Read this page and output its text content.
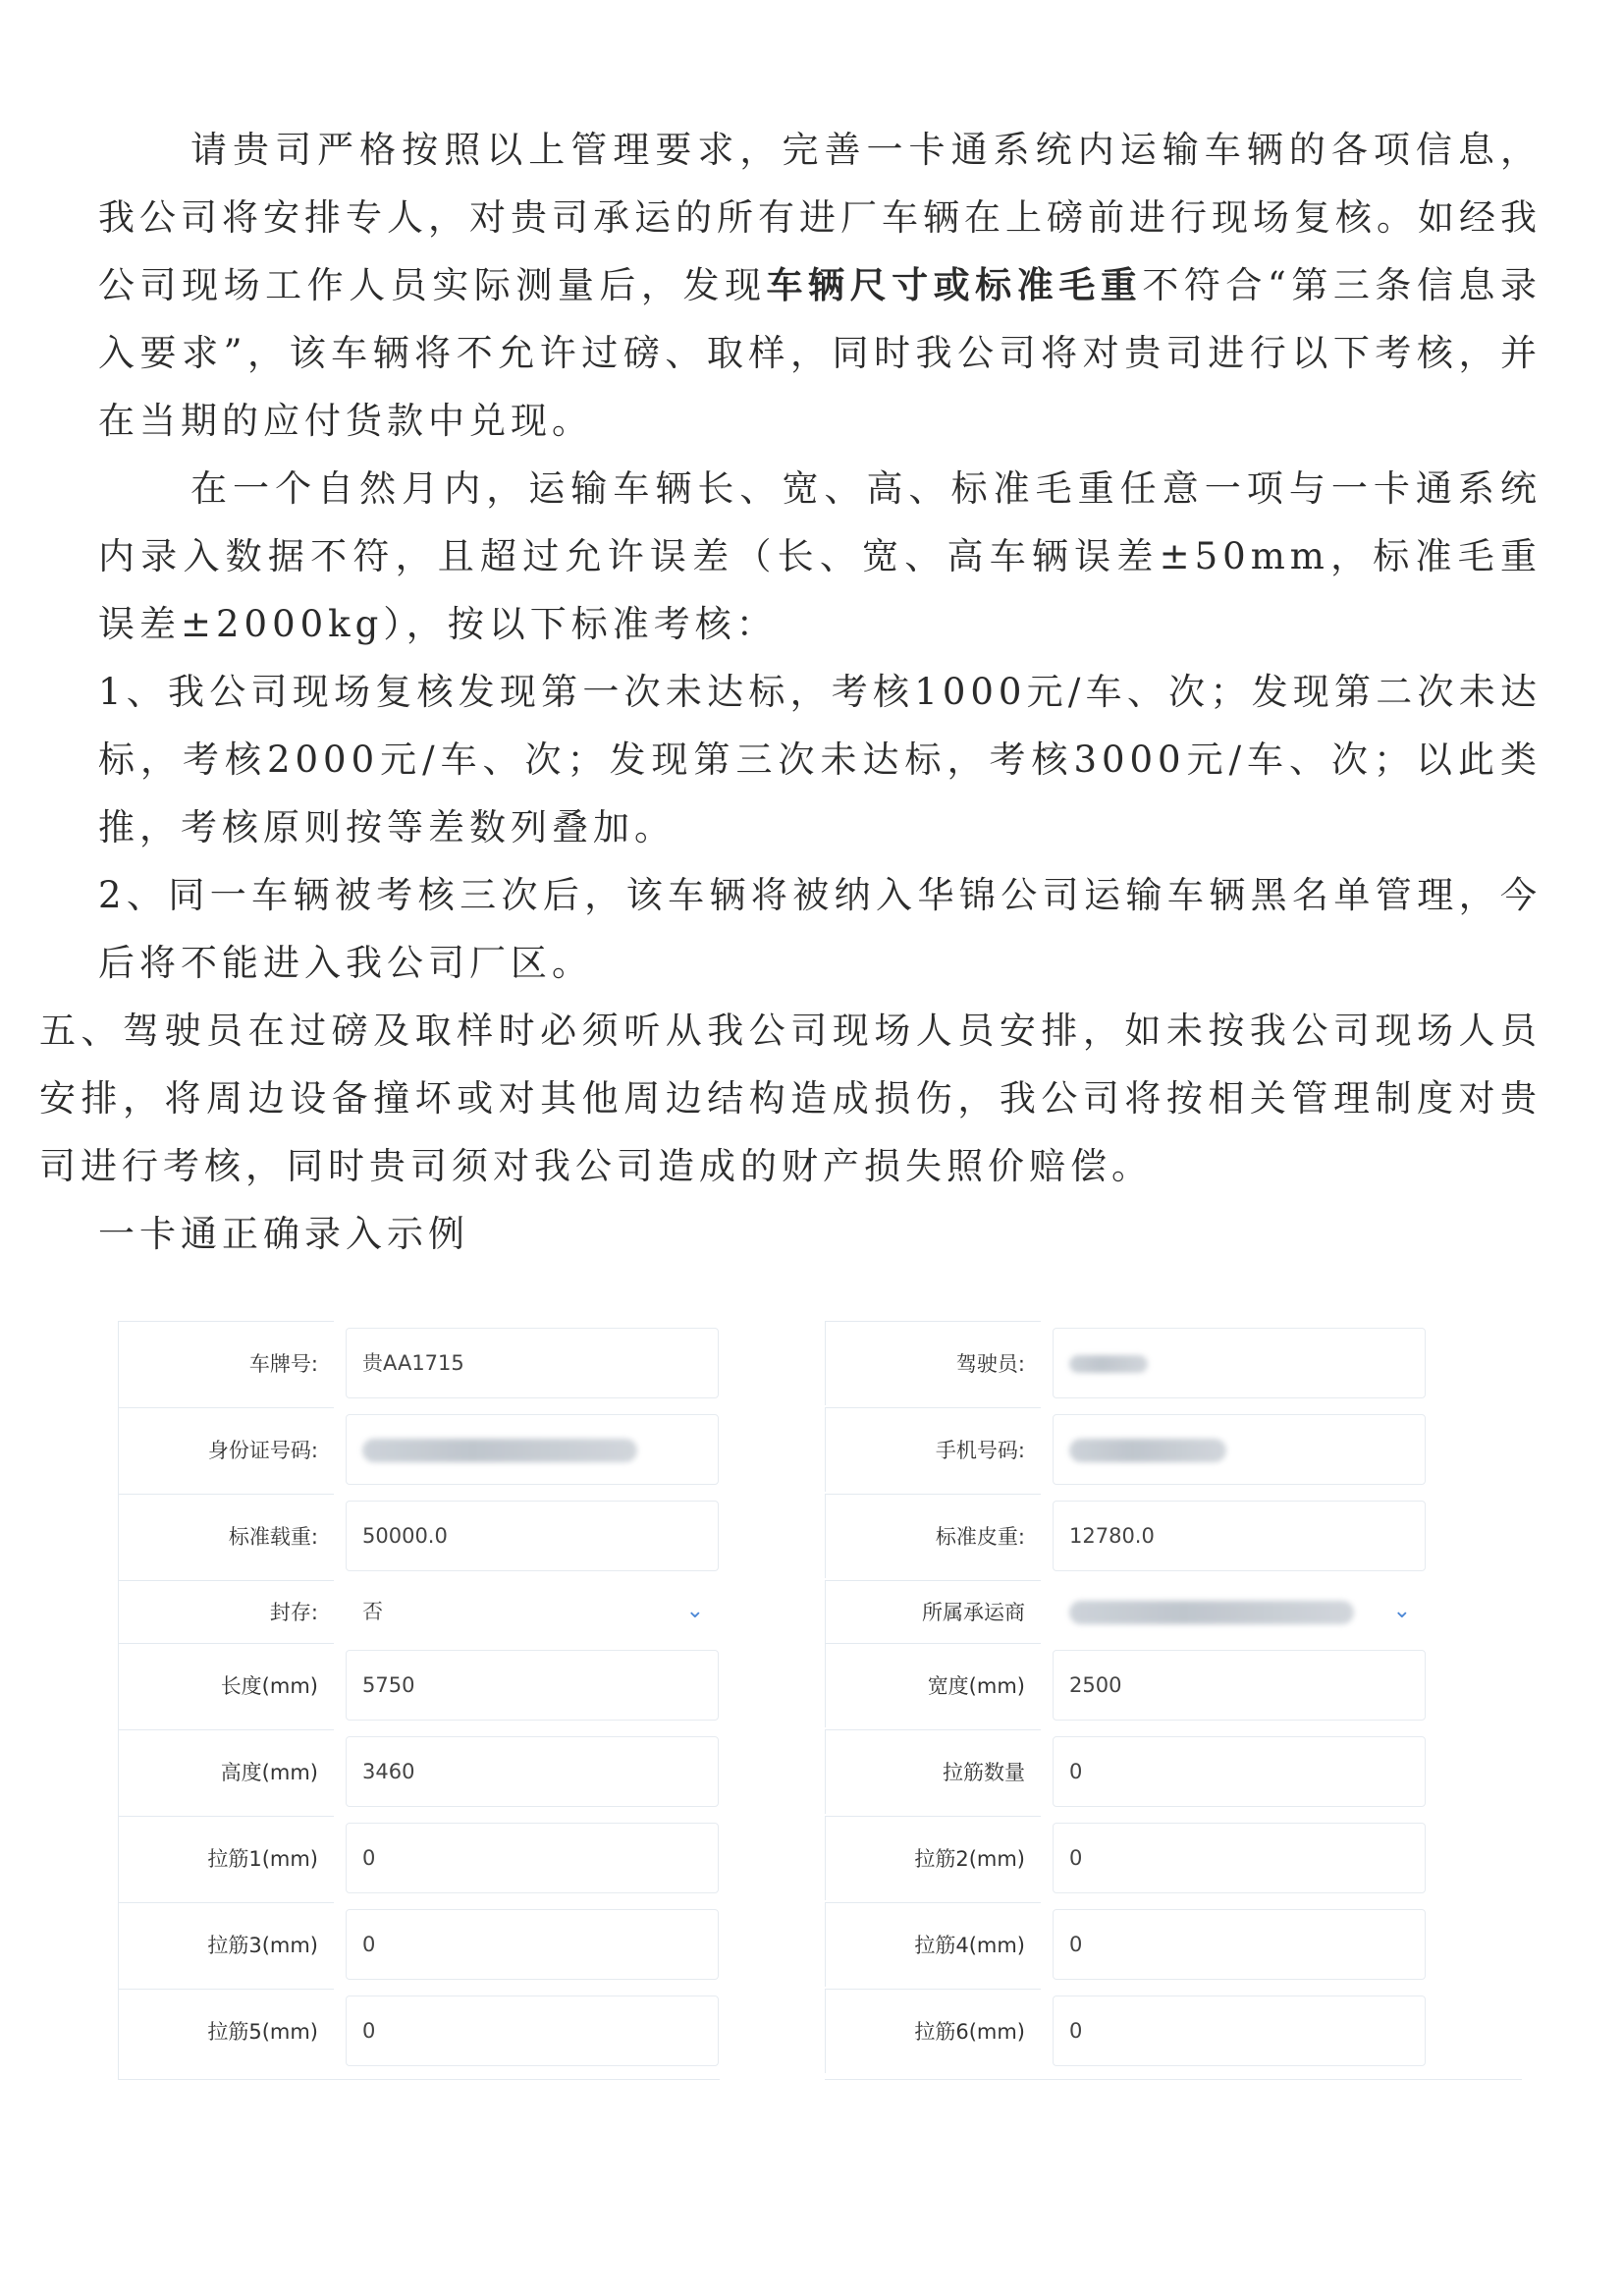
请贵司严格按照以上管理要求，完善一卡通系统内运输车辆的各项信息，我公司将安排专人，对贵司承运的所有进厂车辆在上磅前进行现场复核。如经我公司现场工作人员实际测量后，发现车辆尺寸或标准毛重不符合“第三条信息录入要求”，该车辆将不允许过磅、取样，同时我公司将对贵司进行以下考核，并在当期的应付货款中兑现。

在一个自然月内，运输车辆长、宽、高、标准毛重任意一项与一卡通系统内录入数据不符，且超过允许误差（长、宽、高车辆误差±50mm，标准毛重误差±2000kg），按以下标准考核：

1、我公司现场复核发现第一次未达标，考核1000元/车、次；发现第二次未达标，考核2000元/车、次；发现第三次未达标，考核3000元/车、次；以此类推，考核原则按等差数列叠加。

2、同一车辆被考核三次后，该车辆将被纳入华锦公司运输车辆黑名单管理，今后将不能进入我公司厂区。

五、驾驶员在过磅及取样时必须听从我公司现场人员安排，如未按我公司现场人员安排，将周边设备撞坏或对其他周边结构造成损伤，我公司将按相关管理制度对贵司进行考核，同时贵司须对我公司造成的财产损失照价赔偿。

一卡通正确录入示例

车牌号:	贵AA1715	驾驶员:
身份证号码:	手机号码:
标准载重:	50000.0	标准皮重:	12780.0
封存:	否	⌄	所属承运商	⌄
长度(mm)	5750	宽度(mm)	2500
高度(mm)	3460	拉筋数量	0
拉筋1(mm)	0	拉筋2(mm)	0
拉筋3(mm)	0	拉筋4(mm)	0
拉筋5(mm)	0	拉筋6(mm)	0
